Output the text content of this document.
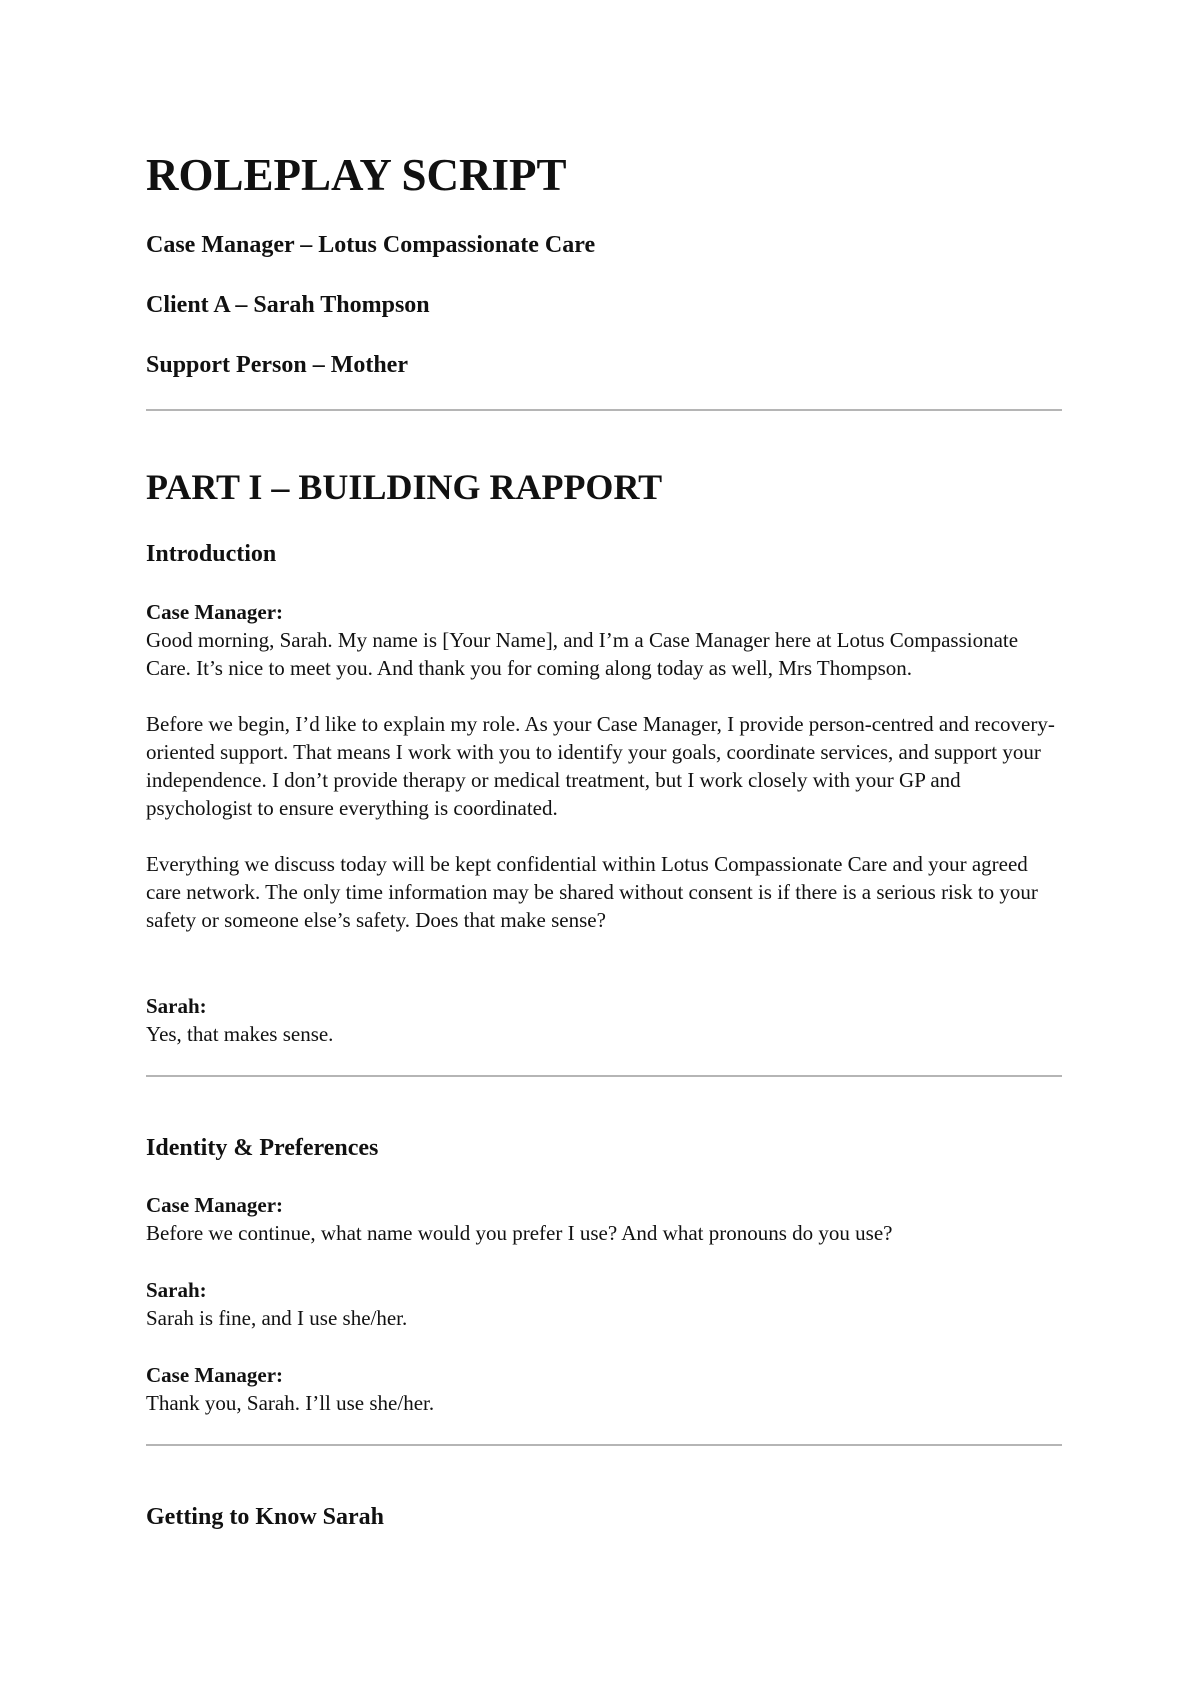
ROLEPLAY SCRIPT

Case Manager – Lotus Compassionate Care

Client A – Sarah Thompson

Support Person – Mother

PART I – BUILDING RAPPORT
Introduction

Case Manager:

Good morning, Sarah. My name is [Your Name], and I’m a Case Manager here at Lotus Compassionate Care. It’s nice to meet you. And thank you for coming along today as well, Mrs Thompson.

Before we begin, I’d like to explain my role. As your Case Manager, I provide person-centred and recovery-oriented support. That means I work with you to identify your goals, coordinate services, and support your independence. I don’t provide therapy or medical treatment, but I work closely with your GP and psychologist to ensure everything is coordinated.

Everything we discuss today will be kept confidential within Lotus Compassionate Care and your agreed care network. The only time information may be shared without consent is if there is a serious risk to your safety or someone else’s safety. Does that make sense?

Sarah:

Yes, that makes sense.

Identity & Preferences

Case Manager:

Before we continue, what name would you prefer I use? And what pronouns do you use?

Sarah:

Sarah is fine, and I use she/her.

Case Manager:

Thank you, Sarah. I’ll use she/her.

Getting to Know Sarah
